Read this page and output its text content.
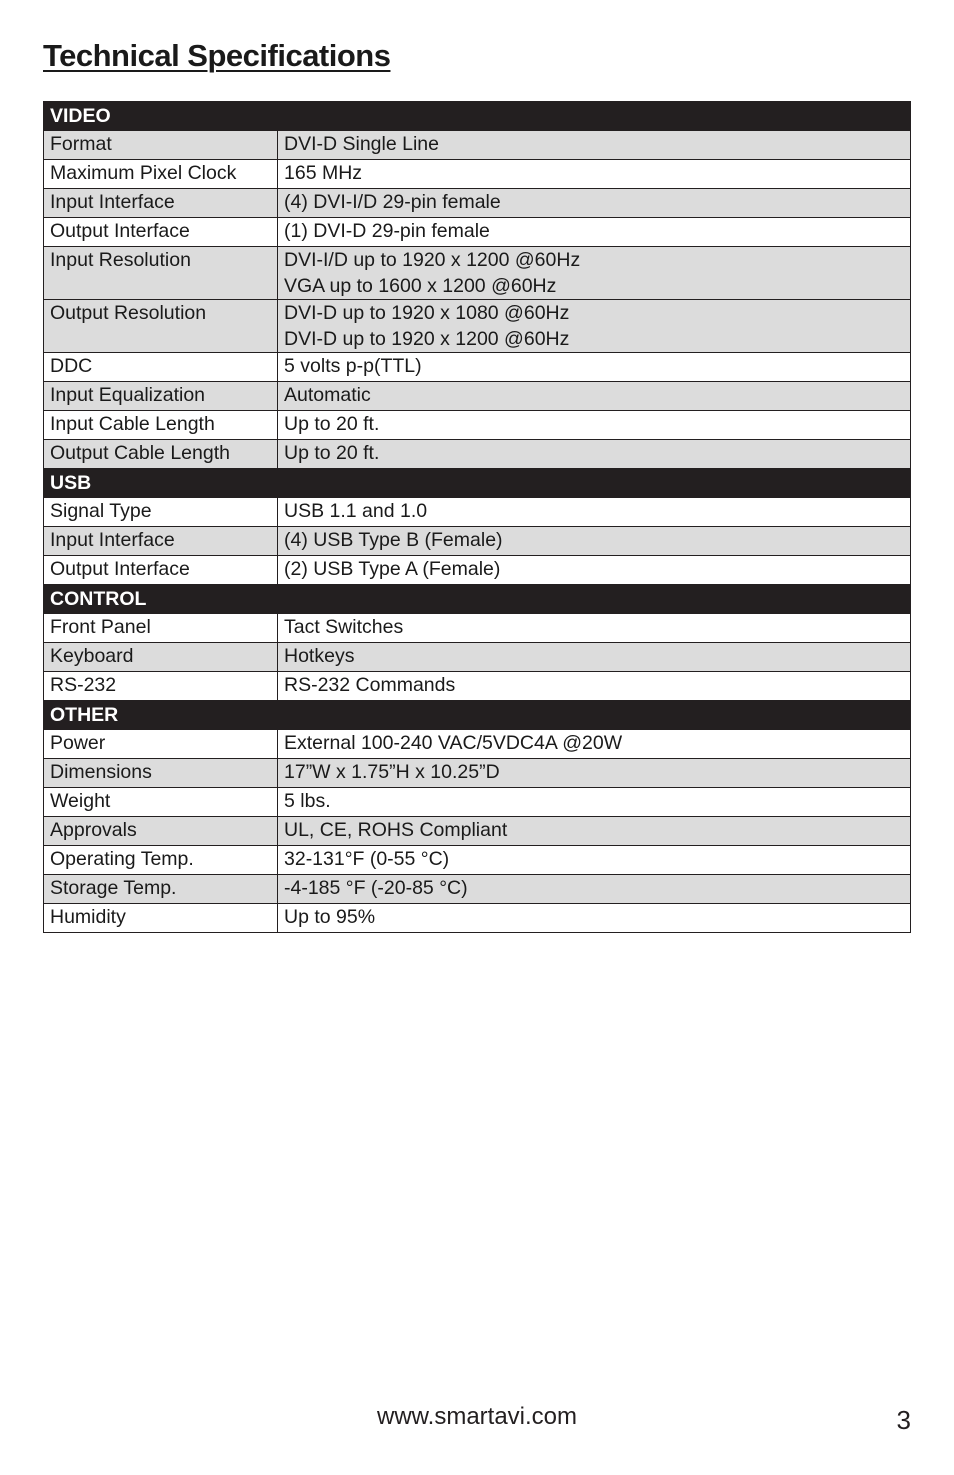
Technical Specifications
VIDEO	
Format	DVI-D Single Line
Maximum Pixel Clock	165 MHz
Input Interface	(4) DVI-I/D 29-pin female
Output Interface	(1) DVI-D 29-pin female
Input Resolution	DVI-I/D up to 1920 x 1200 @60Hz
VGA up to 1600 x 1200 @60Hz

Output Resolution	DVI-D up to 1920 x 1080 @60Hz
DVI-D up to 1920 x 1200 @60Hz

DDC	5 volts p-p(TTL)
Input Equalization	Automatic
Input Cable Length	Up to 20 ft.
Output Cable Length	Up to 20 ft.
USB	
Signal Type	USB 1.1 and 1.0
Input Interface	(4) USB Type B (Female)
Output Interface	(2) USB Type A (Female)
CONTROL	
Front Panel	Tact Switches
Keyboard	Hotkeys
RS-232	RS-232 Commands
OTHER	
Power	External 100-240 VAC/5VDC4A @20W
Dimensions	17”W x 1.75”H x 10.25”D
Weight	5 lbs.
Approvals	UL, CE, ROHS Compliant
Operating Temp.	32-131°F (0-55 °C)
Storage Temp.	-4-185 °F (-20-85 °C)
Humidity	Up to 95%
www.smartavi.com	3
